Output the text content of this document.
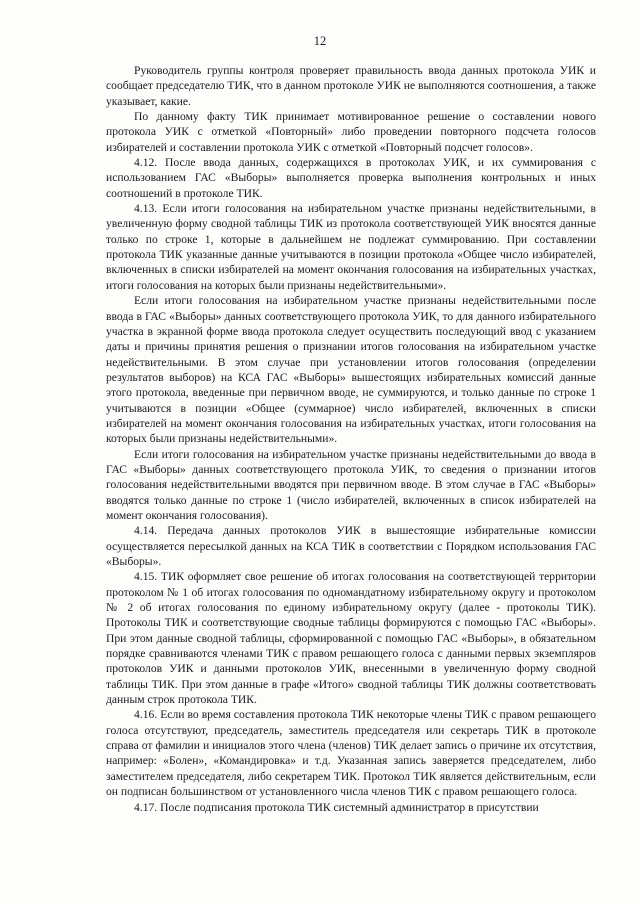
12

Руководитель группы контроля проверяет правильность ввода данных протокола УИК и сообщает председателю ТИК, что в данном протоколе УИК не выполняются соотношения, а также указывает, какие.

По данному факту ТИК принимает мотивированное решение о составлении нового протокола УИК с отметкой «Повторный» либо проведении повторного подсчета голосов избирателей и составлении протокола УИК с отметкой «Повторный подсчет голосов».

4.12. После ввода данных, содержащихся в протоколах УИК, и их суммирования с использованием ГАС «Выборы» выполняется проверка выполнения контрольных и иных соотношений в протоколе ТИК.

4.13. Если итоги голосования на избирательном участке признаны недействительными, в увеличенную форму сводной таблицы ТИК из протокола соответствующей УИК вносятся данные только по строке 1, которые в дальнейшем не подлежат суммированию. При составлении протокола ТИК указанные данные учитываются в позиции протокола «Общее число избирателей, включенных в списки избирателей на момент окончания голосования на избирательных участках, итоги голосования на которых были признаны недействительными».

Если итоги голосования на избирательном участке признаны недействительными после ввода в ГАС «Выборы» данных соответствующего протокола УИК, то для данного избирательного участка в экранной форме ввода протокола следует осуществить последующий ввод с указанием даты и причины принятия решения о признании итогов голосования на избирательном участке недействительными. В этом случае при установлении итогов голосования (определении результатов выборов) на КСА ГАС «Выборы» вышестоящих избирательных комиссий данные этого протокола, введенные при первичном вводе, не суммируются, и только данные по строке 1 учитываются в позиции «Общее (суммарное) число избирателей, включенных в списки избирателей на момент окончания голосования на избирательных участках, итоги голосования на которых были признаны недействительными».

Если итоги голосования на избирательном участке признаны недействительными до ввода в ГАС «Выборы» данных соответствующего протокола УИК, то сведения о признании итогов голосования недействительными вводятся при первичном вводе. В этом случае в ГАС «Выборы» вводятся только данные по строке 1 (число избирателей, включенных в список избирателей на момент окончания голосования).

4.14. Передача данных протоколов УИК в вышестоящие избирательные комиссии осуществляется пересылкой данных на КСА ТИК в соответствии с Порядком использования ГАС «Выборы».

4.15. ТИК оформляет свое решение об итогах голосования на соответствующей территории протоколом № 1 об итогах голосования по одномандатному избирательному округу и протоколом № 2 об итогах голосования по единому избирательному округу (далее - протоколы ТИК). Протоколы ТИК и соответствующие сводные таблицы формируются с помощью ГАС «Выборы». При этом данные сводной таблицы, сформированной с помощью ГАС «Выборы», в обязательном порядке сравниваются членами ТИК с правом решающего голоса с данными первых экземпляров протоколов УИК и данными протоколов УИК, внесенными в увеличенную форму сводной таблицы ТИК. При этом данные в графе «Итого» сводной таблицы ТИК должны соответствовать данным строк протокола ТИК.

4.16. Если во время составления протокола ТИК некоторые члены ТИК с правом решающего голоса отсутствуют, председатель, заместитель председателя или секретарь ТИК в протоколе справа от фамилии и инициалов этого члена (членов) ТИК делает запись о причине их отсутствия, например: «Болен», «Командировка» и т.д. Указанная запись заверяется председателем, либо заместителем председателя, либо секретарем ТИК. Протокол ТИК является действительным, если он подписан большинством от установленного числа членов ТИК с правом решающего голоса.

4.17. После подписания протокола ТИК системный администратор в присутствии
